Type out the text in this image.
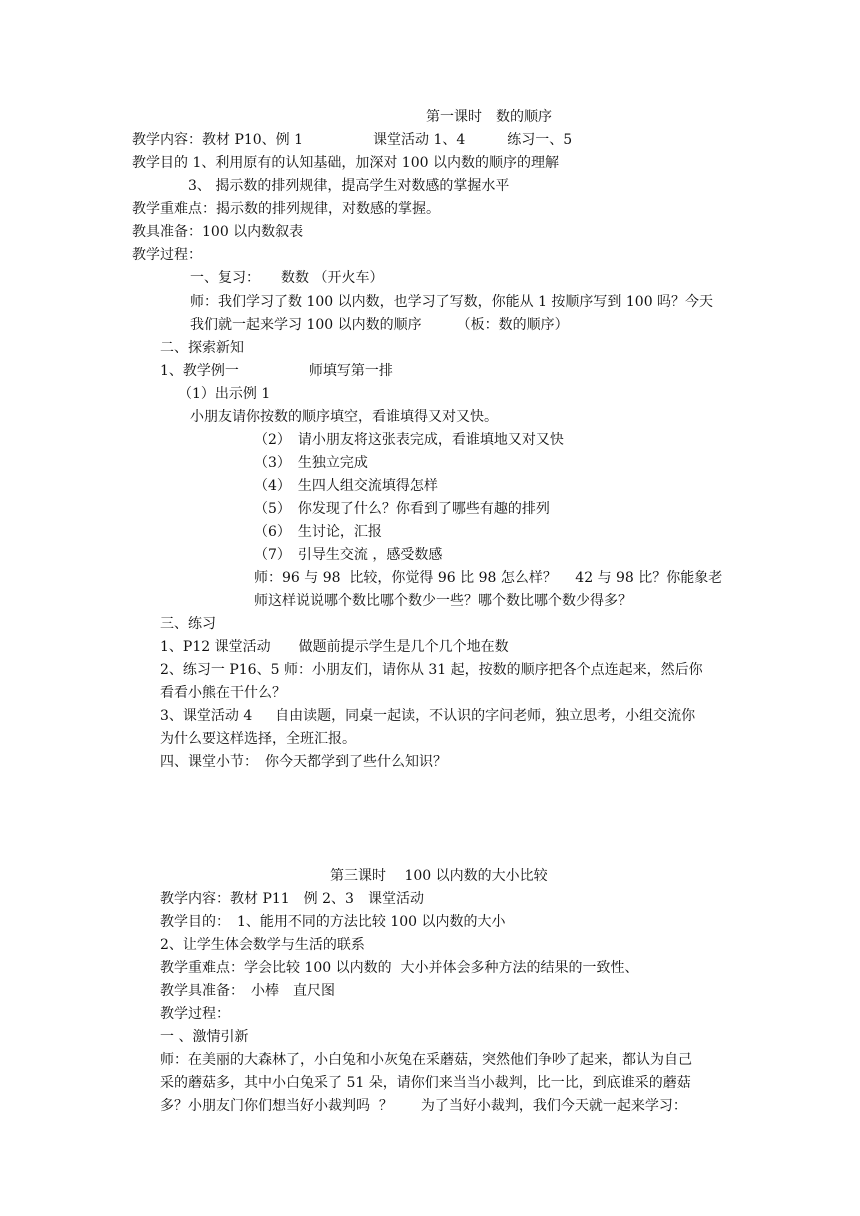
第一课时　数的顺序
教学内容：教材 P10、例 1　　　　　课堂活动 1、4　　　练习一、5
教学目的 1、利用原有的认知基础，加深对 100 以内数的顺序的理解
3、 揭示数的排列规律，提高学生对数感的掌握水平
教学重难点：揭示数的排列规律，对数感的掌握。
教具准备：100 以内数叙表
教学过程：
一、复习：　　数数 （开火车）
师：我们学习了数 100 以内数，也学习了写数，你能从 1 按顺序写到 100 吗？今天
我们就一起来学习 100 以内数的顺序　　　（板：数的顺序）
二、探索新知
1、教学例一　　　　　师填写第一排
（1）出示例 1
小朋友请你按数的顺序填空，看谁填得又对又快。
（2）　请小朋友将这张表完成，看谁填地又对又快
（3）　生独立完成
（4）　生四人组交流填得怎样
（5）　你发现了什么？你看到了哪些有趣的排列
（6）　生讨论，汇报
（7）　引导生交流 ，感受数感
师：96 与 98  比较，你觉得 96 比 98 怎么样？　 42 与 98 比？你能象老
师这样说说哪个数比哪个数少一些？哪个数比哪个数少得多？
三、练习
1、P12 课堂活动　　做题前提示学生是几个几个地在数
2、练习一 P16、5 师：小朋友们，请你从 31 起，按数的顺序把各个点连起来，然后你
看看小熊在干什么？
3、课堂活动 4　  自由读题，同桌一起读，不认识的字问老师，独立思考，小组交流你
为什么要这样选择，全班汇报。
四、课堂小节：　你今天都学到了些什么知识？
第三课时　 100 以内数的大小比较
教学内容：教材 P11　例 2、3　课堂活动
教学目的：　1、能用不同的方法比较 100 以内数的大小
2、让学生体会数学与生活的联系
教学重难点：学会比较 100 以内数的  大小并体会多种方法的结果的一致性、
教学具准备：　小棒　直尺图
教学过程：
一 、激情引新
师：在美丽的大森林了，小白兔和小灰兔在采蘑菇，突然他们争吵了起来，都认为自己
采的蘑菇多，其中小白兔采了 51 朵，请你们来当当小裁判，比一比，到底谁采的蘑菇
多？小朋友门你们想当好小裁判吗  ？　　为了当好小裁判，我们今天就一起来学习：
